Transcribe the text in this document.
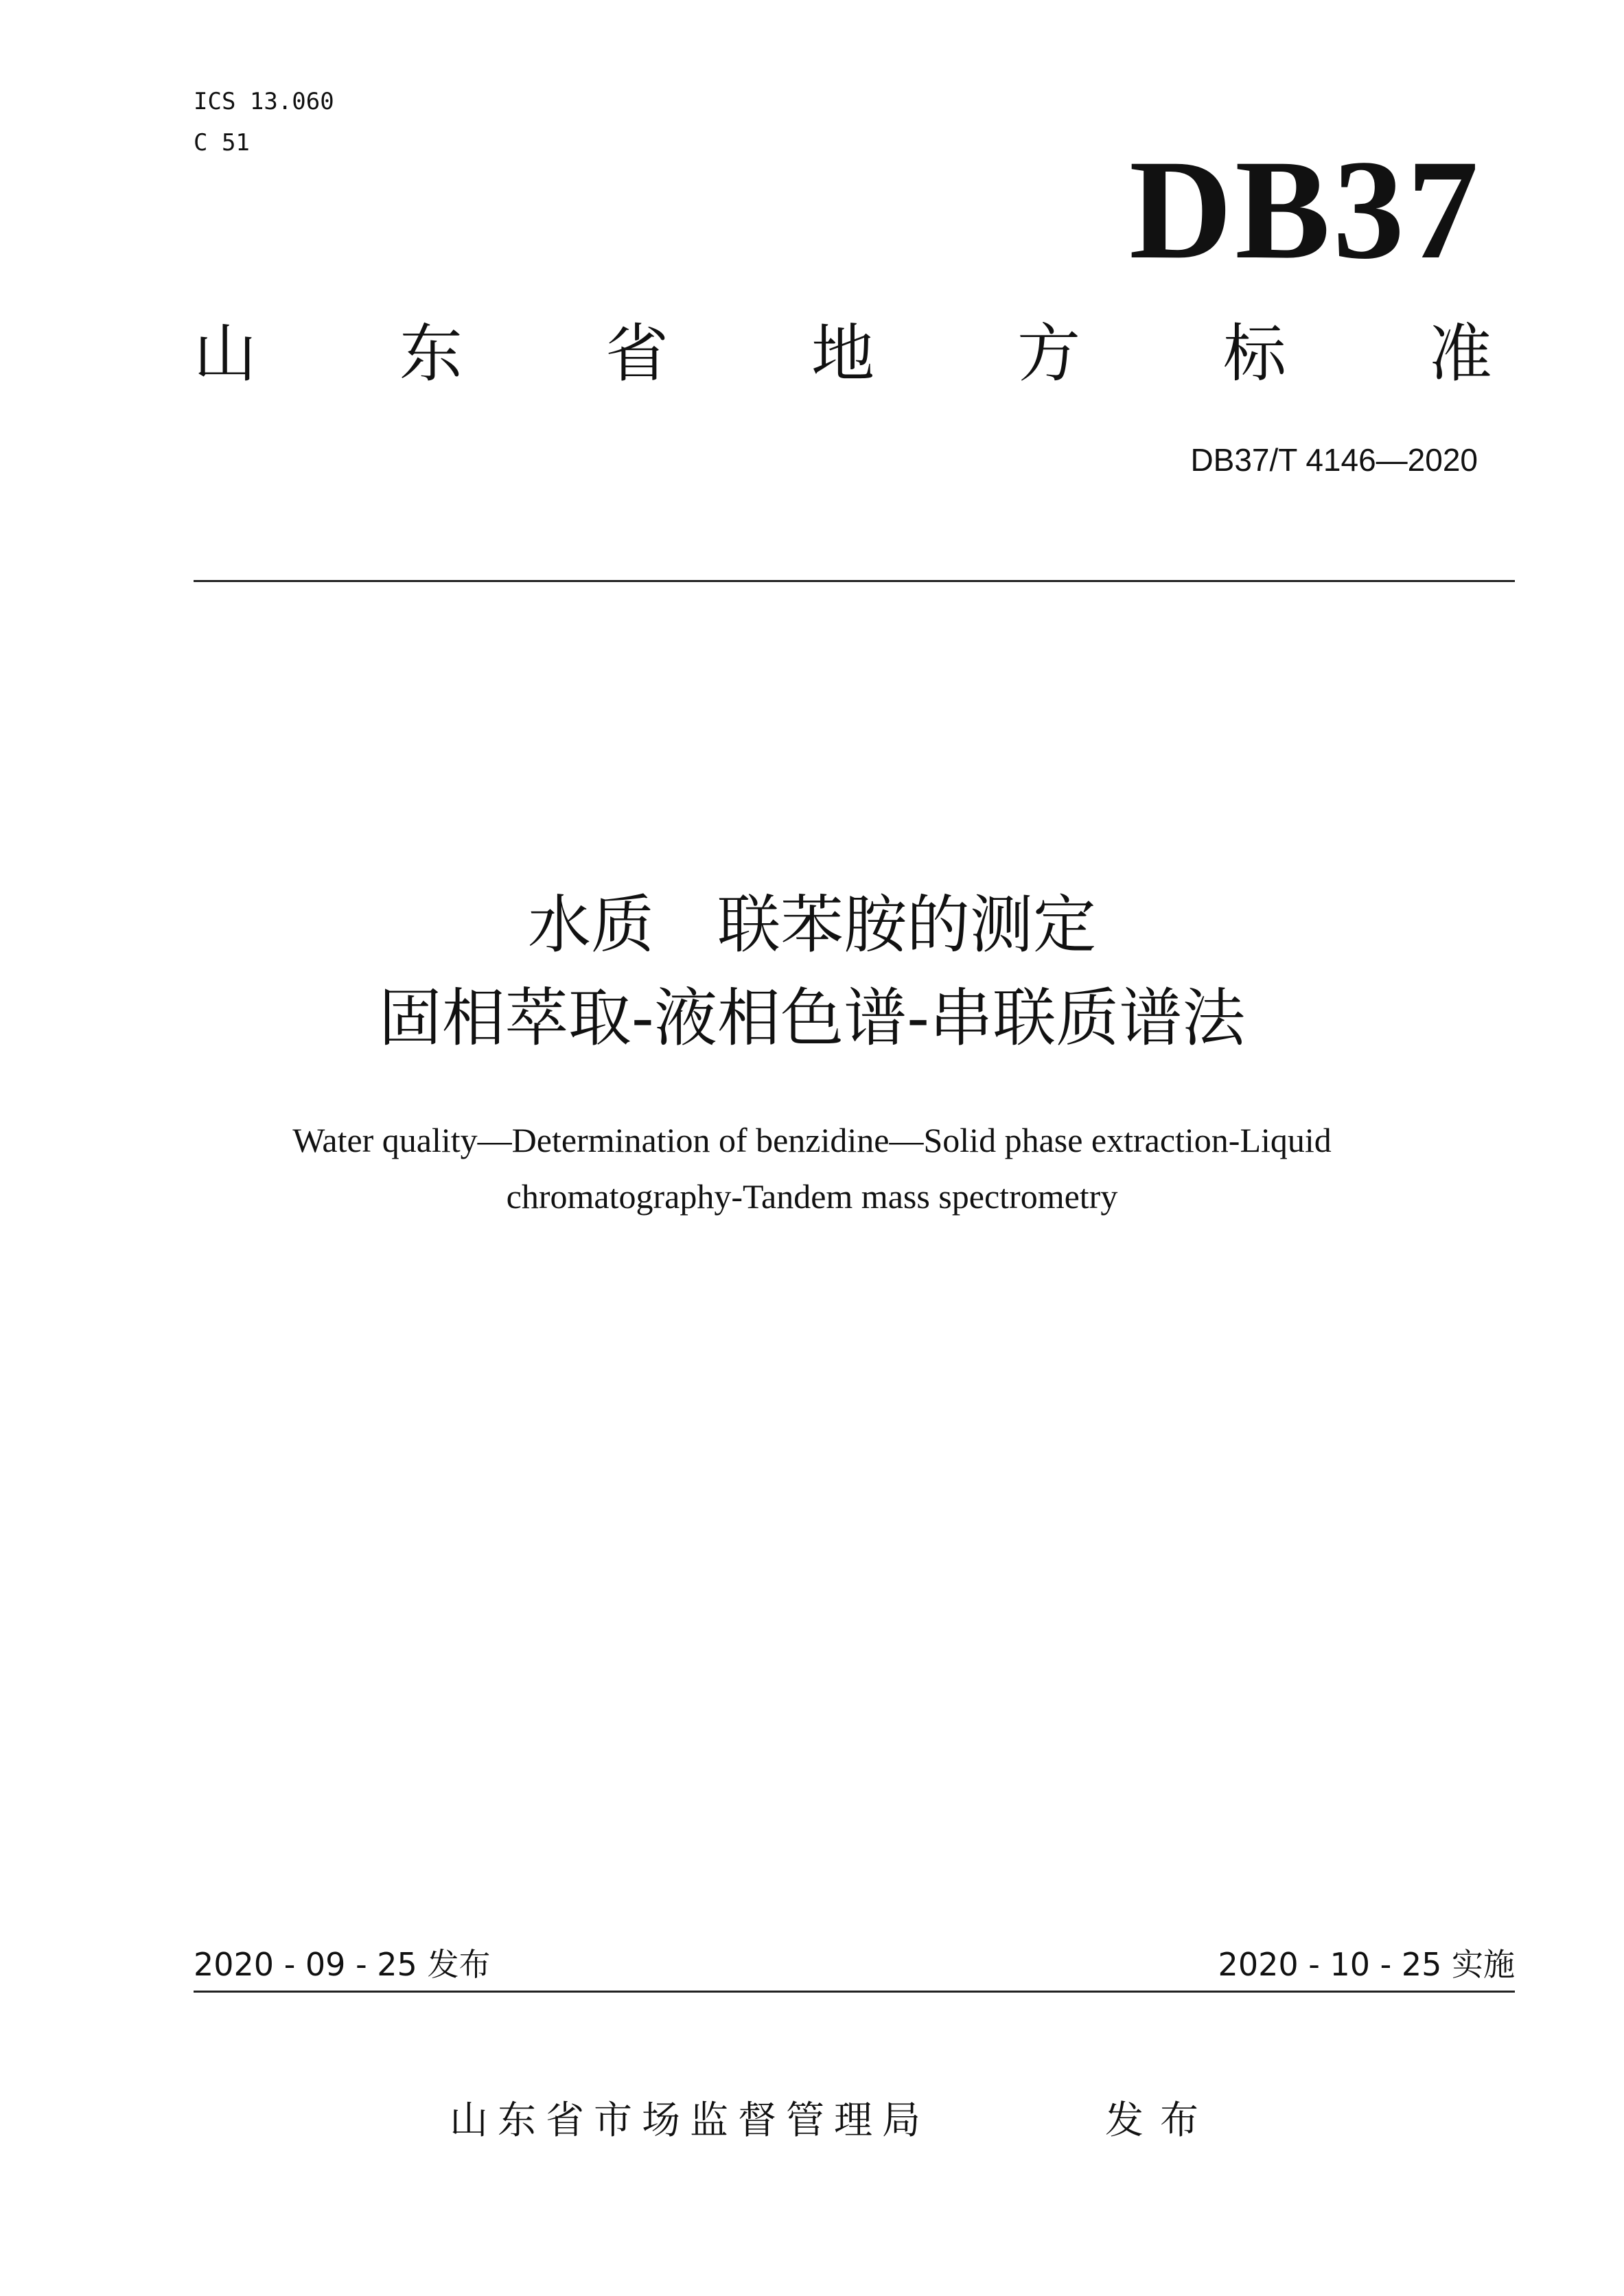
ICS 13.060
C 51	DB37
山 东 省 地 方 标 准
DB37/T 4146—2020
水质　联苯胺的测定
固相萃取-液相色谱-串联质谱法
Water quality—Determination of benzidine—Solid phase extraction-Liquid
chromatography-Tandem mass spectrometry
2020 - 09 - 25 发布	2020 - 10 - 25 实施
山东省市场监督管理局	发布
